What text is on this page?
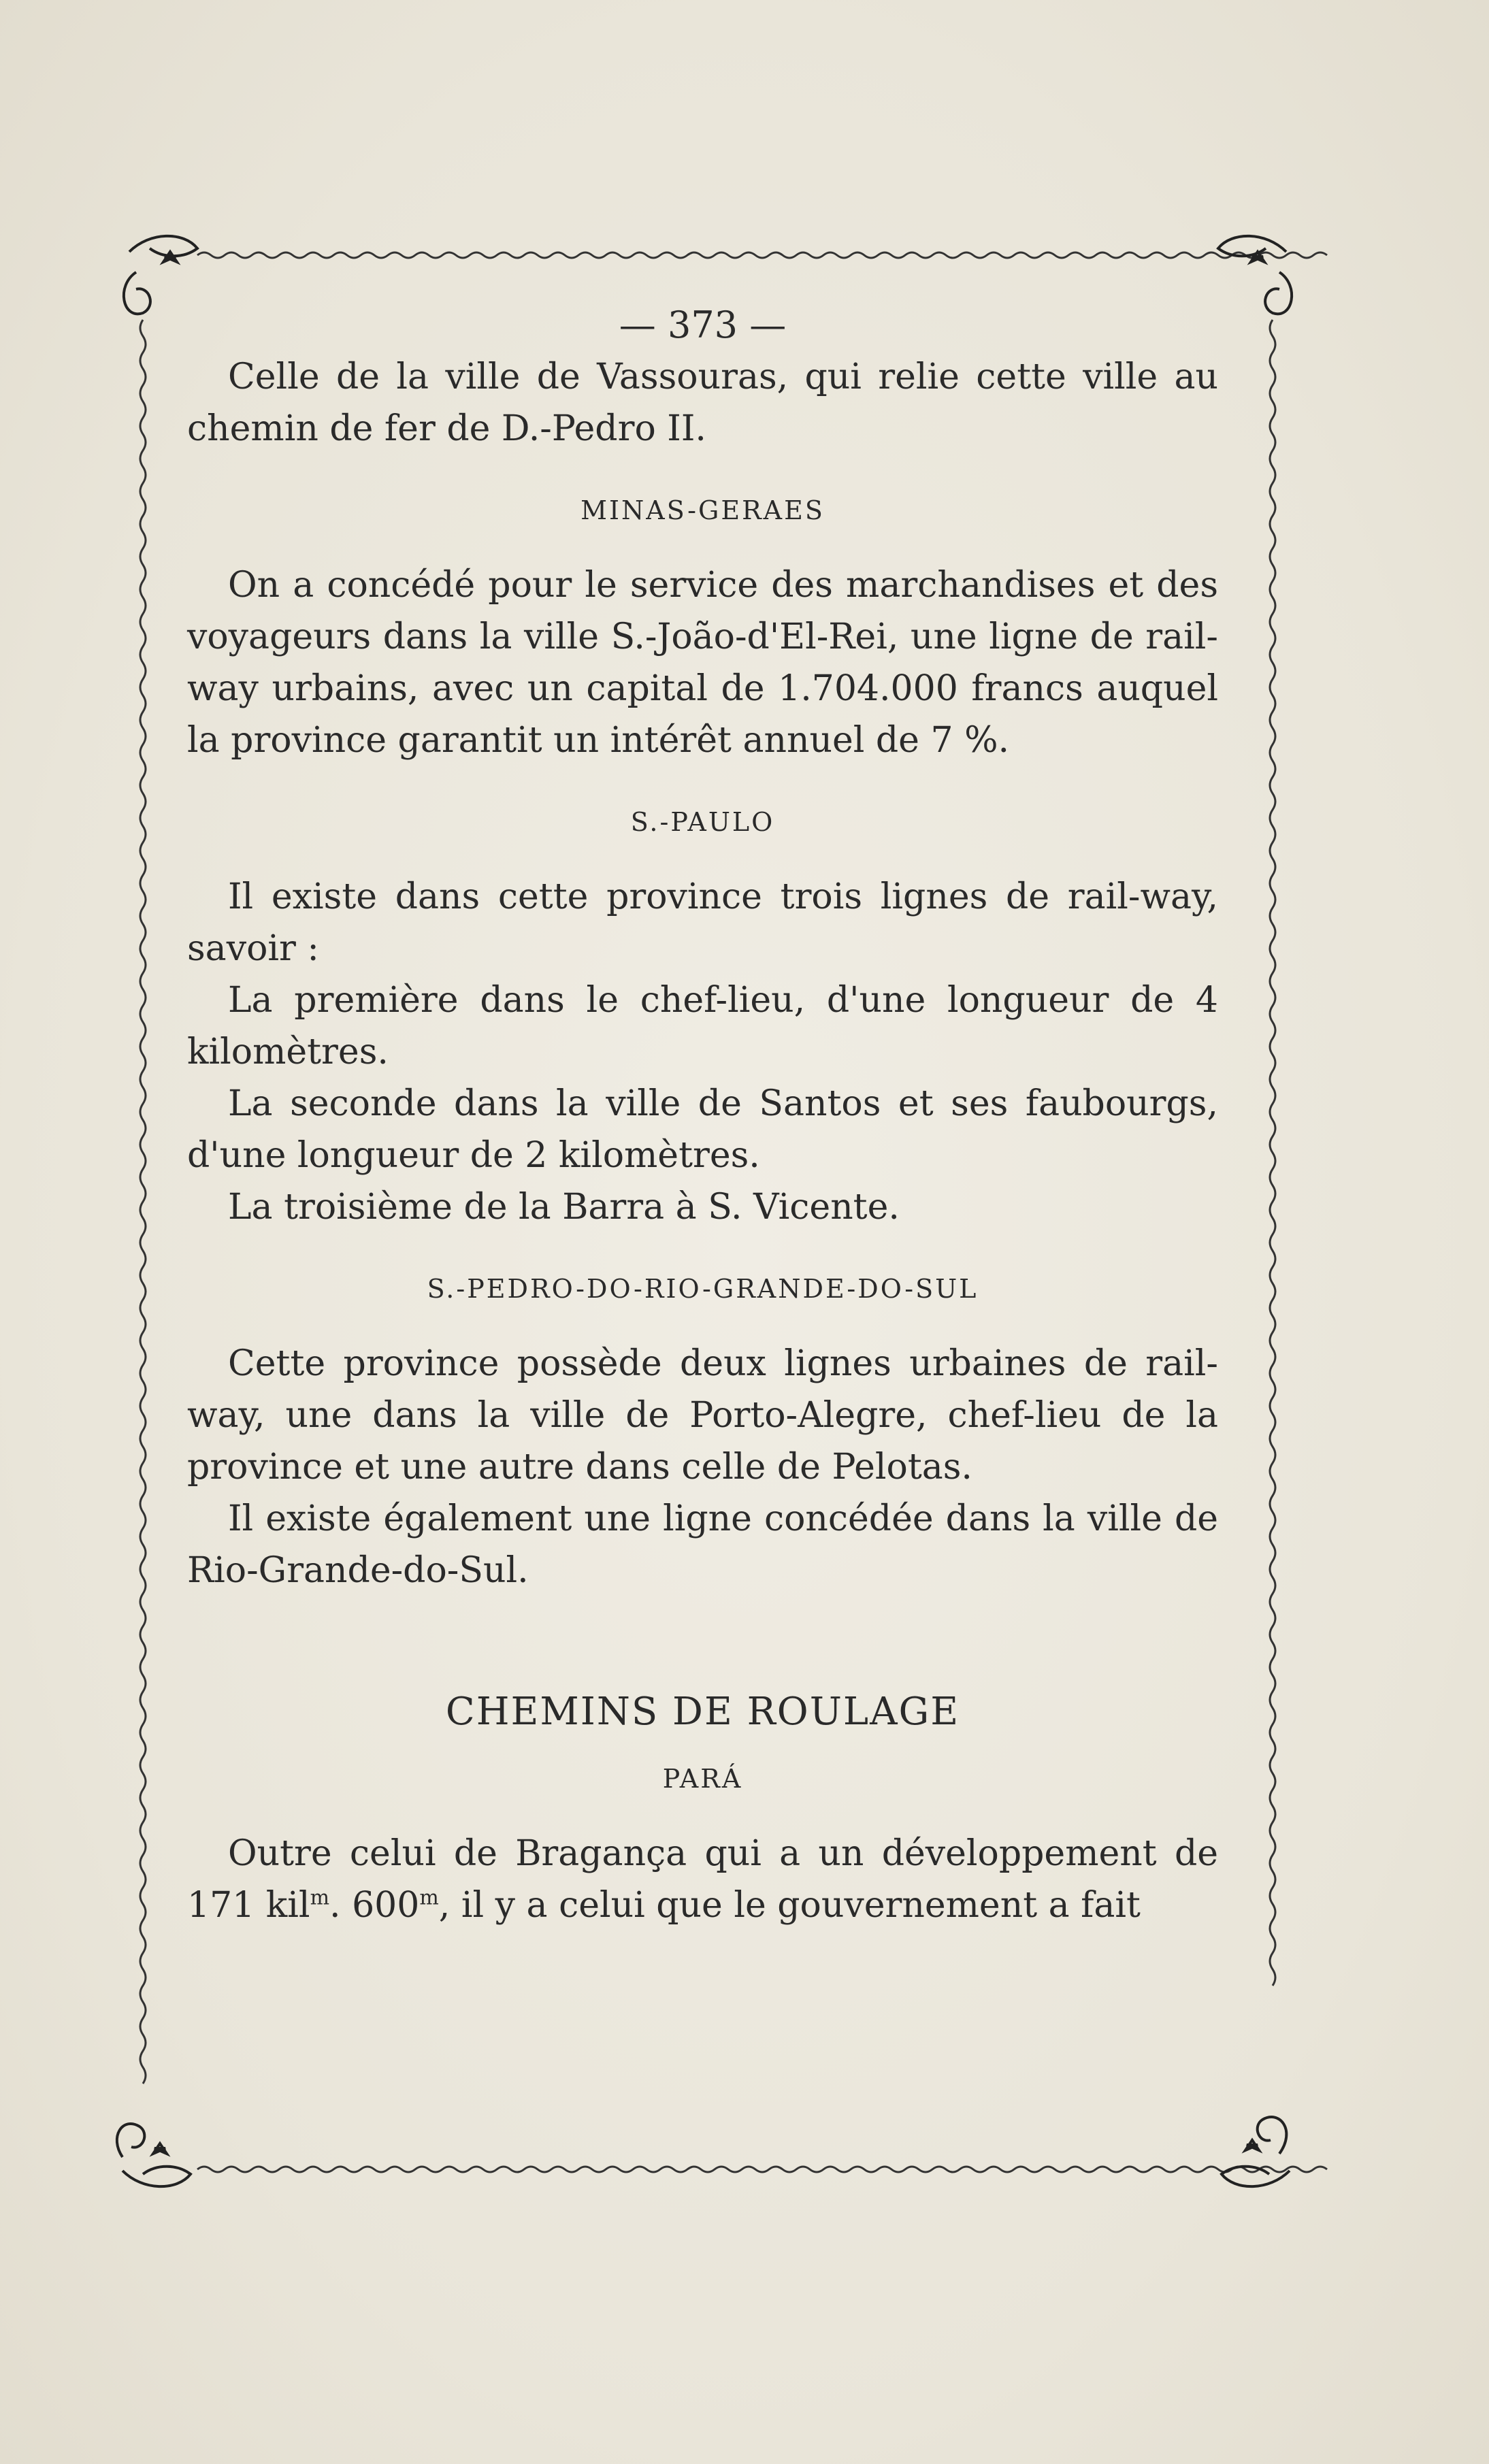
— 373 —

Celle de la ville de Vassouras, qui relie cette ville au chemin de fer de D.-Pedro II.

MINAS-GERAES

On a concédé pour le service des marchandises et des voyageurs dans la ville S.-João-d'El-Rei, une ligne de rail-way urbains, avec un capital de 1.704.000 francs auquel la province garantit un intérêt annuel de 7 %.

S.-PAULO

Il existe dans cette province trois lignes de rail-way, savoir :

La première dans le chef-lieu, d'une longueur de 4 kilomètres.

La seconde dans la ville de Santos et ses faubourgs, d'une longueur de 2 kilomètres.

La troisième de la Barra à S. Vicente.

S.-PEDRO-DO-RIO-GRANDE-DO-SUL

Cette province possède deux lignes urbaines de rail-way, une dans la ville de Porto-Alegre, chef-lieu de la province et une autre dans celle de Pelotas.

Il existe également une ligne concédée dans la ville de Rio-Grande-do-Sul.

CHEMINS DE ROULAGE
PARÁ

Outre celui de Bragança qui a un développement de 171 kil$^m$. 600$^m$, il y a celui que le gouvernement a fait
